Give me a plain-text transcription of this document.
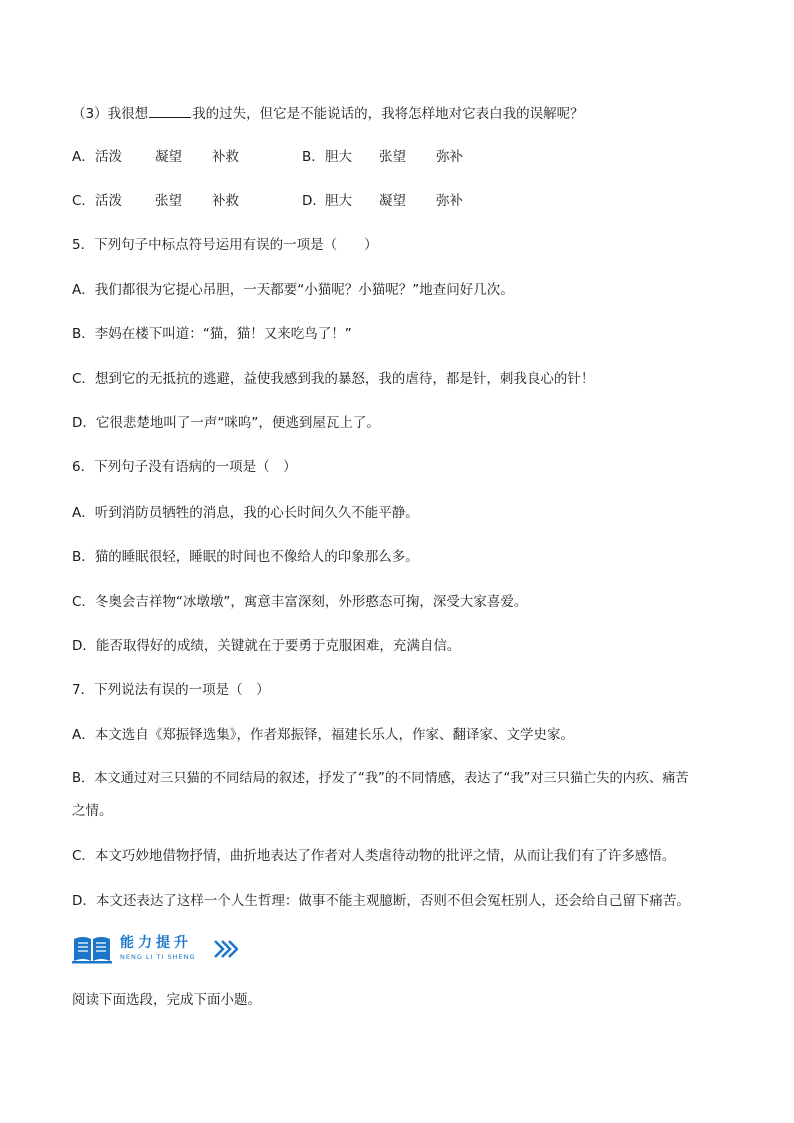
（3）我很想	我的过失，但它是不能说话的，我将怎样地对它表白我的误解呢？
A． 活泼 凝望 补救	B． 胆大 张望 弥补
C． 活泼 张望 补救	D． 胆大 凝望 弥补
5．下列句子中标点符号运用有误的一项是（　　）
A．我们都很为它提心吊胆，一天都要“小猫呢？小猫呢？”地查问好几次。
B．李妈在楼下叫道：“猫，猫！又来吃鸟了！”
C．想到它的无抵抗的逃避，益使我感到我的暴怒，我的虐待，都是针，刺我良心的针！
D．它很悲楚地叫了一声“咪呜”，便逃到屋瓦上了。
6．下列句子没有语病的一项是（　）
A．听到消防员牺牲的消息，我的心长时间久久不能平静。
B．猫的睡眠很轻，睡眠的时间也不像给人的印象那么多。
C．冬奥会吉祥物“冰墩墩”，寓意丰富深刻，外形憨态可掬，深受大家喜爱。
D．能否取得好的成绩，关键就在于要勇于克服困难，充满自信。
7．下列说法有误的一项是（　）
A．本文选自《郑振铎选集》，作者郑振铎，福建长乐人，作家、翻译家、文学史家。
B．本文通过对三只猫的不同结局的叙述，抒发了“我”的不同情感，表达了“我”对三只猫亡失的内疚、痛苦
之情。
C．本文巧妙地借物抒情，曲折地表达了作者对人类虐待动物的批评之情，从而让我们有了许多感悟。
D．本文还表达了这样一个人生哲理：做事不能主观臆断，否则不但会冤枉别人，还会给自己留下痛苦。
能力提升
NENG LI TI SHENG
阅读下面选段，完成下面小题。
